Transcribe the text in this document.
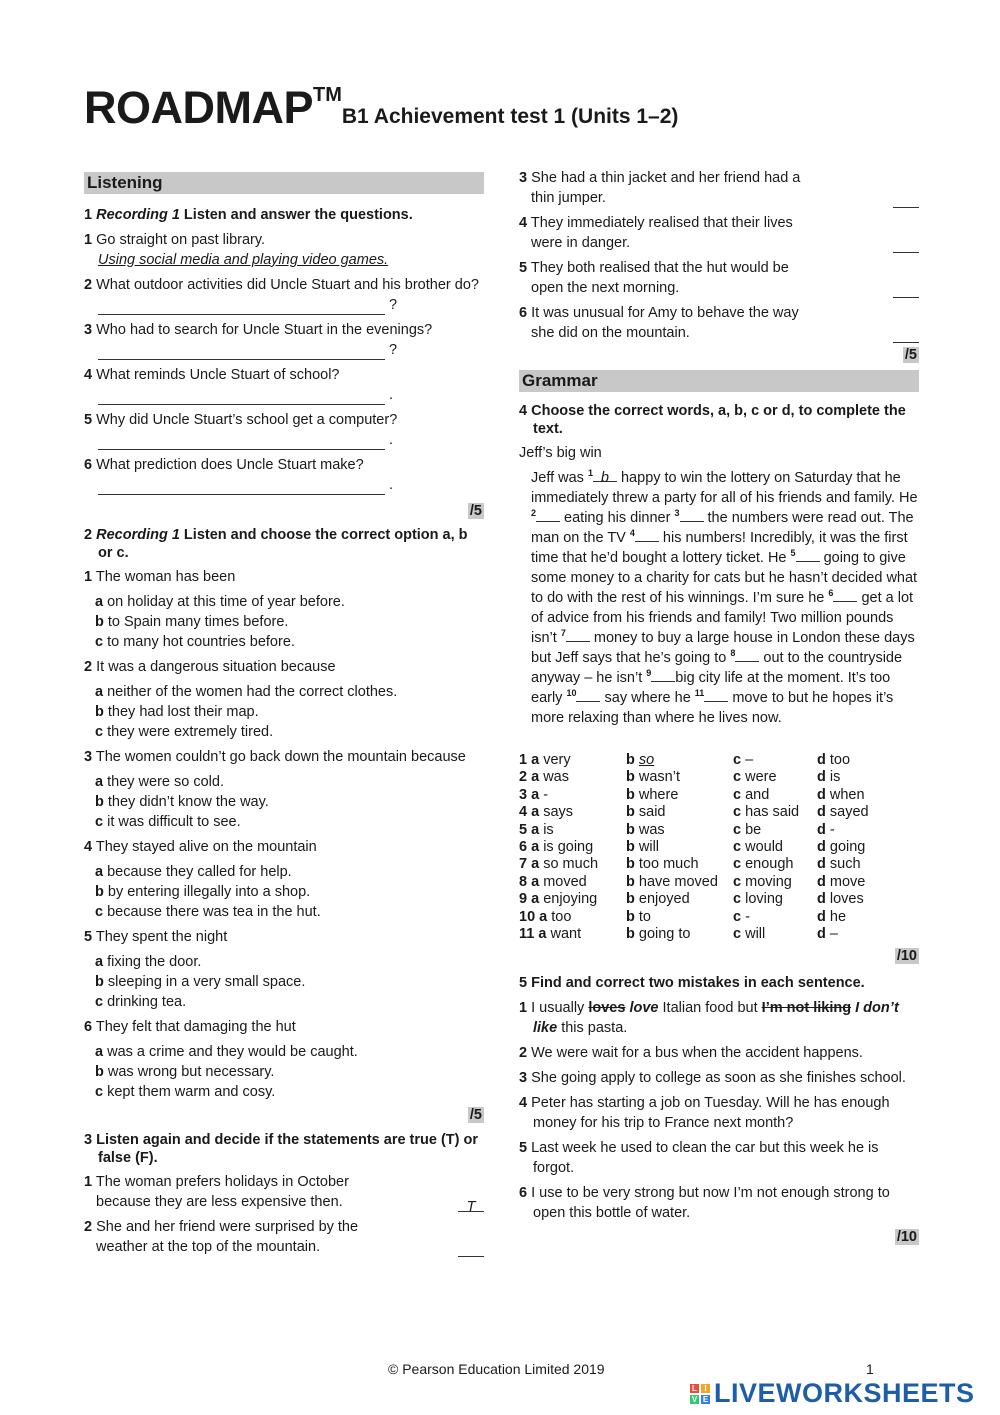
ROADMAPTMB1 Achievement test 1 (Units 1–2)
Listening
1 Recording 1 Listen and answer the questions.
1 Go straight on past library.
Using social media and playing video games.
2 What outdoor activities did Uncle Stuart and his brother do?
?
3 Who had to search for Uncle Stuart in the evenings?
?
4 What reminds Uncle Stuart of school?
.
5 Why did Uncle Stuart’s school get a computer?
.
6 What prediction does Uncle Stuart make?
.
/5
2 Recording 1 Listen and choose the correct option a, b or c.
1 The woman has been
a on holiday at this time of year before.
b to Spain many times before.
c to many hot countries before.
2 It was a dangerous situation because
a neither of the women had the correct clothes.
b they had lost their map.
c they were extremely tired.
3 The women couldn’t go back down the mountain because
a they were so cold.
b they didn’t know the way.
c it was difficult to see.
4 They stayed alive on the mountain
a because they called for help.
b by entering illegally into a shop.
c because there was tea in the hut.
5 They spent the night
a fixing the door.
b sleeping in a very small space.
c drinking tea.
6 They felt that damaging the hut
a was a crime and they would be caught.
b was wrong but necessary.
c kept them warm and cosy.
/5
3 Listen again and decide if the statements are true (T) or false (F).
1 The woman prefers holidays in October because they are less expensive then.	T
2 She and her friend were surprised by the weather at the top of the mountain.
3 She had a thin jacket and her friend had a thin jumper.
4 They immediately realised that their lives were in danger.
5 They both realised that the hut would be open the next morning.
6 It was unusual for Amy to behave the way she did on the mountain.
/5
Grammar
4 Choose the correct words, a, b, c or d, to complete the text.
Jeff’s big win
Jeff was $^1$ b happy to win the lottery on Saturday that he immediately threw a party for all of his friends and family. He $^2$ eating his dinner $^3$ the numbers were read out. The man on the TV $^4$ his numbers! Incredibly, it was the first time that he’d bought a lottery ticket. He $^5$ going to give some money to a charity for cats but he hasn’t decided what to do with the rest of his winnings. I’m sure he $^6$ get a lot of advice from his friends and family! Two million pounds isn’t $^7$ money to buy a large house in London these days but Jeff says that he’s going to $^8$ out to the countryside anyway – he isn’t $^9$ big city life at the moment. It’s too early $^{10}$ say where he $^{11}$ move to but he hopes it’s more relaxing than where he lives now.
1 a very	b so	c –	d too
2 a was	b wasn’t	c were	d is
3 a -	b where	c and	d when
4 a says	b said	c has said	d sayed
5 a is	b was	c be	d -
6 a is going	b will	c would	d going
7 a so much	b too much	c enough	d such
8 a moved	b have moved	c moving	d move
9 a enjoying	b enjoyed	c loving	d loves
10 a too	b to	c -	d he
11 a want	b going to	c will	d –
/10
5 Find and correct two mistakes in each sentence.
1 I usually loves love Italian food but I’m not liking I don’t like this pasta.
2 We were wait for a bus when the accident happens.
3 She going apply to college as soon as she finishes school.
4 Peter has starting a job on Tuesday. Will he has enough money for his trip to France next month?
5 Last week he used to clean the car but this week he is forgot.
6 I use to be very strong but now I’m not enough strong to open this bottle of water.
/10
© Pearson Education Limited 2019	1
L I
V E LIVEWORKSHEETS
